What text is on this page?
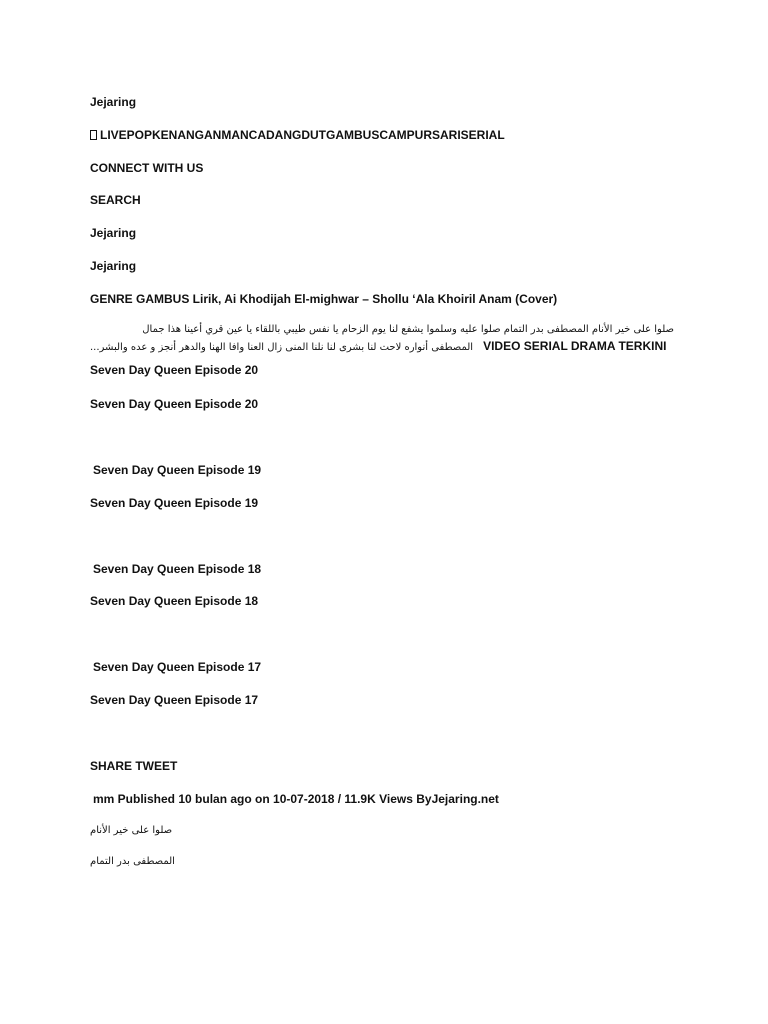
Jejaring
LIVEPOPKENANGANMANCADANGDUTGAMBUSCAMPURSARISERIAL
CONNECT WITH US
SEARCH
Jejaring
Jejaring
GENRE GAMBUS Lirik, Ai Khodijah El-mighwar – Shollu ‘Ala Khoiril Anam (Cover)
صلوا على خير الأنام المصطفى بدر التمام صلوا عليه وسلموا يشفع لنا يوم الزحام يا نفس طيبي باللقاء يا عين قري أعينا هذا جمال
المصطفى أنواره لاحت لنا بشرى لنا نلنا المنى زال العنا وافا الهنا والدهر أنجز و عده والبشر... VIDEO SERIAL DRAMA TERKINI
Seven Day Queen Episode 20
Seven Day Queen Episode 20
Seven Day Queen Episode 19
Seven Day Queen Episode 19
Seven Day Queen Episode 18
Seven Day Queen Episode 18
Seven Day Queen Episode 17
Seven Day Queen Episode 17
SHARE TWEET
mm Published 10 bulan ago on 10-07-2018 / 11.9K Views ByJejaring.net
صلوا على خير الأنام
المصطفى بدر التمام
